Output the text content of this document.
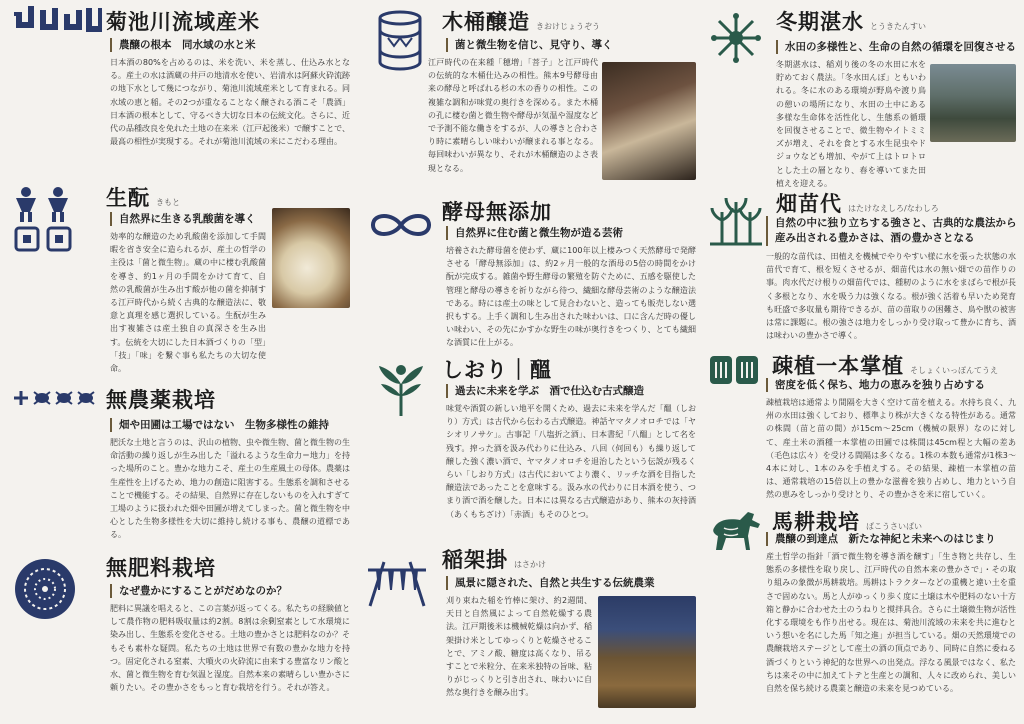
菊池川流域産米
農醸の根本　同水域の水と米
日本酒の80%を占めるのは、米を洗い、米を蒸し、仕込み水となる。産土の水は酒蔵の井戸の地清水を使い、岩清水は阿蘇火砕流跡の地下水として幾につながり、菊池川流域産米として育まれる。同水域の恵と稲。その2つが重なることなく醸される酒こそ「農酒」日本酒の根本として、守るべき大切な日本の伝統文化。さらに、近代の品種改良を免れた土地の在来米（江戸起後米）で醸すことで、最高の相性が実現する。それが菊池川流域の米にこだわる理由。
生酛 きもと
自然界に生きる乳酸菌を導く
効率的な醸造のため乳酸菌を添加して手間暇を省き安全に造られるが、産土の哲学の主役は「菌と微生物」。蔵の中に棲む乳酸菌を導き、約1ヶ月の手間をかけて育て、自然の乳酸菌が生み出す酸が他の菌を抑制する江戸時代から続く古典的な醸造法に、敬意と真理を感じ選択している。生酛が生み出す複雑さは産土独自の真深さを生み出す。伝統を大切にした日本酒づくりの「型」「技」「味」を繋ぐ事も私たちの大切な使命。
無農薬栽培
畑や田圃は工場ではない　生物多様性の維持
肥沃な土地と言うのは、沢山の植物、虫や微生物、菌と微生物の生命活動の繰り返しが生み出した「溢れるような生命力＝地力」を持った場所のこと。豊かな地力こそ、産土の生産風土の母体。農薬は生産性を上げるため、地力の創造に阻害する。生態系を調和させることで機能する。その結果、自然界に存在しないものを入れすぎて工場のように扱われた畑や田圃が増えてしまった。菌と微生物を中心とした生物多様性を大切に維持し続ける事も、農醸の道標である。
無肥料栽培
なぜ豊かにすることがだめなのか？
肥料に異議を唱えると、この言葉が返ってくる。私たちの経験値として農作物の肥料吸収量は約2割。8割は余剰窒素として水環境に染み出し、生態系を変化させる。土地の豊かさとは肥料なのか？そもそも素朴な疑問。私たちの土地は世界で有数の豊かな地力を持つ。固定化される窒素、大噴火の火砕流に由来する豊富なリン酸と水、菌と微生物を育む気温と湿度。自然本来の素晴らしい豊かさに頼りたい。その豊かさをもっと育む栽培を行う。それが答え。
木桶醸造 きおけじょうぞう
菌と微生物を信じ、見守り、導く
江戸時代の在来種「穂増」「菩子」と江戸時代の伝統的な木桶仕込みの相性。熊本9号酵母由来の酵母と呼ばれる杉の木の香りの相性。この複雑な調和が味覚の奥行きを深める。また木桶の孔に棲む菌と微生物や酵母が気温や湿度などで予測不能な働きをするが、人の導きと合わさり時に素晴らしい味わいが醸まれる事となる。毎回味わいが異なり、それが木桶醸造のよさ表現となる。
酵母無添加
自然界に住む菌と微生物が造る芸術
培養された酵母菌を使わず、蔵に100年以上棲みつく天然酵母で発酵させる「酵母無添加」は、約2ヶ月一般的な酒母の5倍の時間をかけ酛が完成する。雑菌や野生酵母の繁殖を防ぐために、五感を駆使した管理と酵母の導きを祈りながら待つ、繊細な酵母芸術のような醸造法である。時には産土の味として見合わないと、造っても販売しない選択もする。上手く調和し生み出された味わいは、口に含んだ時の優しい味わい、その先にかすかな野生の味が奥行きをつくり、とても繊細な酒質に仕上がる。
しおり｜醞
過去に未来を学ぶ　酒で仕込む古式醸造
味覚や酒質の新しい地平を開くため、過去に未来を学んだ「醞（しおり）方式」は古代から伝わる古式醸造。神話ヤマタノオロチでは「ヤシオリノサケ」。古事記「八塩折之酒」、日本書紀「八醞」として名を残す。搾った酒を汲み代わりに仕込み、八回（何回も）も繰り返して醸した強く濃い酒で、ヤマタノオロチを退治したという伝説が残るくらい「しおり方式」は古代においてより濃く、リッチな酒を目指した醸造法であったことを意味する。汲み水の代わりに日本酒を使う、つまり酒で酒を醸した。日本には異なる古式醸造があり、熊本の灰持酒（あくもちざけ）「赤酒」もそのひとつ。
稲架掛 はさかけ
風景に隠された、自然と共生する伝統農業
刈り束ねた稲を竹棒に架け、約2週間、天日と自然風によって自然乾燥する農法。江戸期後米は機械乾燥は向かず、稲架掛け米としてゆっくりと乾燥させることで、アミノ酸、糖度は高くなり、吊るすことで米粒分、在来米独特の旨味、粘りがじっくりと引き出され、味わいに自然な奥行きを醸み出す。
冬期湛水 とうきたんすい
水田の多様性と、生命の自然の循環を回復させる
冬期湛水は、稲刈り後の冬の水田に水を貯めておく農法。「冬水田んぼ」ともいわれる。冬に水のある環境が野鳥や渡り鳥の憩いの場所になり、水田の土中にある多様な生命体を活性化し、生態系の循環を回復させることで、微生物やイトミミズが増え、それを食とする水生昆虫やドジョウなども増加、やがて上はトロトロとした土の層となり、春を導いてまた田植えを迎える。
畑苗代 はたけなえしろ/なわしろ
自然の中に独り立ちする強さと、古典的な農法から
産み出される豊かさは、酒の豊かさとなる
一般的な苗代は、田植えを機械でやりやすい様に水を張った状態の水苗代で育て、根を短くさせるが、畑苗代は水の無い畑での苗作りの事。肉水代だけ根りの畑苗代では、種籾のように水をまばらで根が長く多根となり、水を吸う力は強くなる。根が強く活着も早いため発育も旺盛で多収量も期待できるが、苗の苗取りの困難さ、鳥や獣の被害は常に課題に。根の強さは地力をしっかり受け取って豊かに育ち、酒は味わいの豊かさで導く。
疎植一本掌植 そしょくいっぽんてうえ
密度を低く保ち、地力の恵みを独り占めする
疎植栽培は通常より間隔を大きく空けて苗を植える。水持ち良く、九州の水田は強くしており、標準より株が大きくなる特性がある。通常の株間（苗と苗の間）が15cm〜25cm（機械の限界）なのに対して、産土米の酒種一本掌植の田圃では株間は45cm程と大幅の差あ（毛色は広々）を受ける間隔は多くなる。1株の本数も通常が1株3〜4本に対し、1本のみを手植えする。その結果、疎植一本掌植の苗は、通常栽培の15倍以上の豊かな滋養を独り占めし、地力という自然の恵みをしっかり受けとり、その豊かさを米に宿していく。
馬耕栽培 ばこうさいばい
農醸の到達点　新たな神紀と未来へのはじまり
産土哲学の指針「酒で微生物を導き酒を醸す」「生き物と共存し、生態系の多様性を取り戻し、江戸時代の自然本来の豊かさで」・その取り組みの象徴が馬耕栽培。馬耕はトラクターなどの重機と違い土を重さで固めない。馬と人がゆっくり歩く度に土壌は木や肥料のない十方箱と静かに合わせた土のうねりと撹拌具合。さらに土壌微生物が活性化する環境をも作り出せる。現在は、菊池川流域の未来を共に進むという想いを名にした馬「知之進」が担当している。畑の天然環境での農醸栽培ステージとして産土の酒の頂点であり、同時に自然に委ねる酒づくりという神紀的な世界への出発点。浮なる風景ではなく、私たちは来その中に加えてトテと生産との調和、人々に改められ、美しい自然を保ち続ける農業と醸造の未来を見つめている。
